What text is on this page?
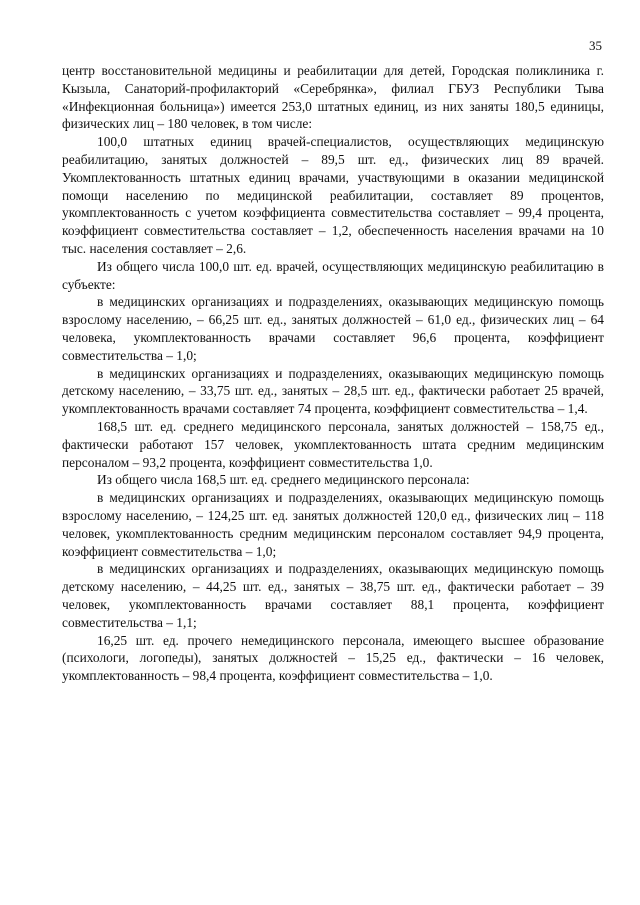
35

центр восстановительной медицины и реабилитации для детей, Городская поликлиника г. Кызыла, Санаторий-профилакторий «Серебрянка», филиал ГБУЗ Республики Тыва «Инфекционная больница») имеется 253,0 штатных единиц, из них заняты 180,5 единицы, физических лиц – 180 человек, в том числе:

100,0 штатных единиц врачей-специалистов, осуществляющих медицинскую реабилитацию, занятых должностей – 89,5 шт. ед., физических лиц 89 врачей. Укомплектованность штатных единиц врачами, участвующими в оказании медицинской помощи населению по медицинской реабилитации, составляет 89 процентов, укомплектованность с учетом коэффициента совместительства составляет – 99,4 процента, коэффициент совместительства составляет – 1,2, обеспеченность населения врачами на 10 тыс. населения составляет – 2,6.

Из общего числа 100,0 шт. ед. врачей, осуществляющих медицинскую реабилитацию в субъекте:

в медицинских организациях и подразделениях, оказывающих медицинскую помощь взрослому населению, – 66,25 шт. ед., занятых должностей – 61,0 ед., физических лиц – 64 человека, укомплектованность врачами составляет 96,6 процента, коэффициент совместительства – 1,0;

в медицинских организациях и подразделениях, оказывающих медицинскую помощь детскому населению, – 33,75 шт. ед., занятых – 28,5 шт. ед., фактически работает 25 врачей, укомплектованность врачами составляет 74 процента, коэффициент совместительства – 1,4.

168,5 шт. ед. среднего медицинского персонала, занятых должностей – 158,75 ед., фактически работают 157 человек, укомплектованность штата средним медицинским персоналом – 93,2 процента, коэффициент совместительства 1,0.

Из общего числа 168,5 шт. ед. среднего медицинского персонала:

в медицинских организациях и подразделениях, оказывающих медицинскую помощь взрослому населению, – 124,25 шт. ед. занятых должностей 120,0 ед., физических лиц – 118 человек, укомплектованность средним медицинским персоналом составляет 94,9 процента, коэффициент совместительства – 1,0;

в медицинских организациях и подразделениях, оказывающих медицинскую помощь детскому населению, – 44,25 шт. ед., занятых – 38,75 шт. ед., фактически работает – 39 человек, укомплектованность врачами составляет 88,1 процента, коэффициент совместительства – 1,1;

16,25 шт. ед. прочего немедицинского персонала, имеющего высшее образование (психологи, логопеды), занятых должностей – 15,25 ед., фактически – 16 человек, укомплектованность – 98,4 процента, коэффициент совместительства – 1,0.
